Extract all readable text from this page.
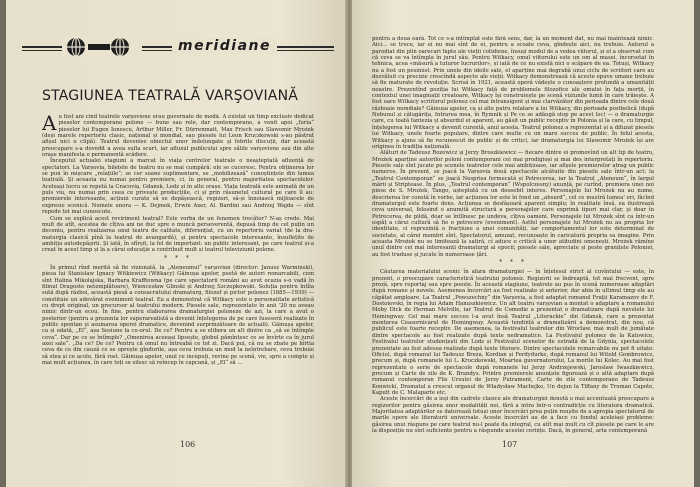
meridiane
STAGIUNEA TEATRALĂ VARŞOVIANĂ

Au fost ani cînd teatrele varșoviene erau guvernate de modă. A existat un timp exclusiv dedicat pieselor contemporane polone — bune sau rele, dar contemporane, a venit apoi „furia“ pieselor lui Eugen Ionescu, Arthur Miller, Fr. Dürrenmatt, Max Frisch sau Slawomir Mrożek (deși marele repertoriu clasic, național și mondial, sau piesele lui Leon Kruczkowski s-au păstrat afișul nici o clipă). Teatrul devenise obiectul unor îndelungate și febrile discuții, dar această preocupare s-a dovedit a avea sufla scurt, iar afluxul publicului spre sălile varșoviene sau din alte orașe manifesta o permanentă scădere.

Începutul actualei stagiuni a marcat în viața centrelor teatrale o neașteptată afluență de spectatori. La Varșovia, biletele de teatru nu se mai cumpără: ele se cuceresc. Pentru obținerea lor se pun în mișcare „relațiile“; se cer soane suplimentare, se „mobilizează“ cunoștințele din lumea teatrală. Și aceasta nu numai pentru premiere, ci, în general, pentru majoritatea spectacolelor. Aceleași lucru se repetă la Cracovia, Gdansk, Lodz și în alte orașe. Viața teatrală este animată de un puls viu, nu numai prin ceea ce privește producțiile, ci și prin răsunetul cultural pe care îl au: premierele interesante, acțiuni curate să se depășească, regizori, să-și înnoiască mijloacele de expresie scenică. Numele unora — K. Dejmek, Erwin Axer, Al. Bardini sau Andrzej Wajda — sînt repede tot mai cunoscute.

Cum se explică acest reviriment teatral? Este vorba de un fenomen trecător? N-aș crede. Mai mult de atît, acestea de cîțiva ani ne duc spre o muncă perseverentă, depusă timp de cel puțin un deceniu, pentru realizarea unui teatru de calitate, diferențiat, cu un repertoriu variat (de la dramaturgia clasică pînă la teatrul de avangardă), și pentru spectacole interesante, însuflețite de ambiția autodepășirii. Și iată, în sfîrșit, la fel de important: un public interesant, pe care teatrul și-a creat în acest timp și la a cărui educație a contribuit mult și teatrul televiziunii polone.

* * *

În primul rînd merită să fie vizionată, la „Ateneumul“ varșovian (director: Janusz Warminski), piesa lui Stanislaw Ignacy Witkiewicz (Witkacy) Găinușa apelor, poetă de autori remarcabili, cum sînt Halina Mikolajska, Barbara Krafftowna (pe care spectatorii români au avut ocazia s-o vadă în filmul Dragoste netemplătoare), Wiencesław Glinski și Andrzej Szczepkowski. Soluția pentru întîia sută după război, această piesă a consacratului dramaturg, filozof și pictor polonez (1885—1939) — constituie un adevărat eveniment teatral. Ea a demonstrat că Witkacy este o personalitate artistică cu drept original, un precursor al teatrului modern. Piesele sale, reprezentate în anii '20 nu aveau nimic dintr-un ecou. În fine, pentru elaborarea dramaturgiei poloneze de azi, la care a avut o posterior (pentru a prezenta lor superarealistă a devenit înțelegerea de pe care fuseseră realizate în public spontan și asumarea operei dramatice, devenind surprinzătoare de actuali). Găinușa apelor, ca și odată, „El“, așa Sesiune la co-orul. De ce? Pentru a se elibera un alt dintre ca „să se întîmple ceva“. Dar pe ce se întîmple? „Omenirea aceeași lipsește, globul pămîntesc ce se învîrte ca în jurul axei sale“. „Da ce? De ce? Pentru că omul nu întreabă ce tot zi. Dacă pui, că nu se zbate pe hîrtia ceva de ce din cauză ce se oprește gîndurile, așa ceva trebuia un mod la neîntrebare, ceva trebuie să stea și ce acolo, fără rost. Găinușa apelor, unul ce incepuți, revine pe scenă, vie, spre a compte și mai mult acțiunea, în care toți se silesc să reîncep în capcană, și „El“ să ...

106

pentru a doua oară. Tot ce s-a întîmplat este fără sens, dar, la un moment dat, nu mai înaintează nimic. Aici... se trece, iar ei nu mai sînt de ei, pentru a scoate ceva, gîndește aici, nu trebuie. Autorul a parodiat din plin oarecari fapte ale vieții cotidiene, însuși modul de a vedea viitorul, și el a observat cum că ceva se va întîmpla în jurul său. Pentru Witkacy, omul viitorului este un om al masei, încorsetat în tehnica, acea «măsură a tuturor lucrurilor», și iată de ce nu există nici o scăpare de ea. Totuși, Witkacy nu a fost un pesimist. Prin unele din ideile sale, el aparține mai degrabă unui ciclu de scriitori care au dezvăluit cu precizie crescîndă aspecte ale vieții. Witkacy demonstrează că aceste epuve umane trebuie să fie maturate de revoluție. Scrisă în 1921, această operă vădește o cunoaștere profundă a umanității noastre. Prezentînd poziția lui Witkacy față de problemele filozofice ale omului în fața morții, în contextul unei imaginații creatoare, Witkacy își construiește pe scenă viziunile lumii în care trăiește. A fost oare Witkacy scriitorul polonez cel mai intransigent și mai clarvăzător din perioada dintre cele două războaie mondiale? Găinușa apelor, ca și alte patru relatare a lui Witkacy, din perioada postbelică (după Nebunul și călugărița, Intrarea mea, în Rymnik și Pe ce se adăugă stop pe acest loc) — o dramaturgie care, cu toată fantezia și absurdul ei aparent, au găsit un public receptiv în Polonia și la care, cu timpul, înțelegerea lui Witkacy a devenit curentă, anul acesta. Teatrul polonez a reprezentat și a difuzat piesele lui Witkacy, unele foarte populare, dintre care multe cu un mare succes de public. În felul acesta, Witkacy a ajuns să fie recunoscut de public și de critici, iar dramaturgia lui Slawomir Mrożek își are originea în tradiția națională.

Alături de Tadeusz Rozewicz și Jerzy Broszkiewicz — fiecare dintre ei promovînd un alt tip de teatru, Mrożek aparține autorilor poloni contemporani cei mai prodigioși și mai des interpretați în repertoriu. Piesele sale sînt jucate pe scenele teatrelor cele mai ambițioase, iar afișele premierelor atrag un public numeros. În prezent, se joacă la Varșovia două spectacole alcătuite din piesele sale într-un act: la „Teatrul Contemporan“ se joacă Nesprisa fermecată și Petrecerea, iar la Teatrul „Ateneum“, în largul mării și Striptease. În plus, „Teatrul contemporan“ (Wspolczesny) anunță, pe curînd, premiera unei noi piese de S. Mrożek, Tango, așteptată cu un deosebit interes. Personajele lui Mrożek nu au nume, descrierea lor constă în vorbe, iar acțiunea lor este în fond un „absurd“, cel ce mustră lumea' ori, făcînd dramaturgul este foarte dens. Acțiunea se desfășoară aparent simplu; în realitate însă, ea ilustrează ceva universal, folosind o anumită structură a personajelor care exprimă tipuri mai clar, și doar în Petrecerea, de pildă, doar se întîlnesc pe undeva, cîțiva oameni. Personajele lui Mrożek sînt ca într-un ospăț a cărui cultură să fie o petrecere (eveniment). Astfel personajele lui Mrożek nu au propria lor identitate, ci reprezintă o fracțiune a unei comunități, iar comportamentul lor este determinat de societate, al cărei membri sînt. Spectatorul, amuzat, recunoaște în caricatură propria sa imagine. Prin aceasta Mrożek nu se limitează la satiră, ci aduce o critică a unor atitudini omenești. Mrożek rămîne unul dintre cei mai interesanți dramaturgi ai epocii; piesele sale, apreciate și peste granițele Poloniei, au fost traduse și jucate în numeroase țări.

* * *

Căutarea materialului scenic în afara dramaturgiei — în înțelesul strict al cuvîntului — este, în prezent, o preocupare caracteristică teatrului polonez. Regizorii se îndreaptă, tot mai frecvent, spre proză, spre reportaj sau spre poezie. În această stagiune, teatrele au pus în scenă numeroase adaptări după romane și nuvele. Asemenea încercări au fost realizate și anterior, dar abia în ultimul timp ele au căpătat amploare. La Teatrul „Powszechny“ din Varșovia, a fost adaptat romanul Frații Karamazov de F. Dostoievski, în regia lui Adam Hanuszkiewicz. Un alt teatru varșovian a montat o adaptare a romanului Moby Dick de Herman Melville, iar Teatrul de Comedie a prezentat o dramatizare după nuvelele lui Hemingway. Cel mai mare succes l-a avut însă Teatrul „Literackie“ din Gdansk, care a prezentat montarea Ceasornicarul de Hemingway. Această tendință a dramatizării a demonstrat, din nou, că publicul este foarte receptiv. De asemenea, la festivalul teatrelor din Wroclaw, mai mult de jumătate dintre spectacole au fost realizate după texte nedramatice. La Festivalul polonez de la Katowice, Festivalul teatrelor studențești din Lodz și Festivalul scenelor de estradă de la Gdynia, spectacolele prezentate au fost adesea realizate după texte literare. Dintre spectacolele remarcabile nu pot fi uitate: Oficiul, după romanul lui Tadeusz Breza, Kordian și Ferdydurke, după romanul lui Witold Gombrowicz, precum și, după romanele lui L. Kruczkowski, Moartea guvernatorului, La morile lui Kolec. Au mai fost reprezentate o serie de spectacole după romanele lui Jerzy Andrzejewski, Jaroslaw Iwaszkiewicz, precum și Carte de zile de K. Brandys. Printre premierele anunțate figurează și o altă adaptare după romanul contemporan Flis Ursulei de Jerzy Putrament, Carte de zile contemporane de Tadeusz Konwicki, Dramatul a crescut organul de Władysław Machejko, Un dejun la Tiffany de Truman Capote, Kaputt de C. Malaparte etc.

Aceste încercări de a ieși din cadrele clasice ale dramaturgiei denotă o mai accentuată preocupare a regizorilor pentru găsirea unor modalități noi, fără a intra într-o contradicție cu literatura dramatică. Majoritatea adaptărilor se datorează totuși unor încercări prea puțin reușite de a apropia spectatorul de marile opere ale literaturii universale. Aceste încercări au de a face cu fondul aceleiași probleme: găsirea unui răspuns pe care teatrul nu-l poate da integral, cu atît mai mult cu cît piesele pe care le are la dispoziție nu sînt suficiente pentru a răspunde acestei cerințe. Dacă, în general, arta contemporană

107
